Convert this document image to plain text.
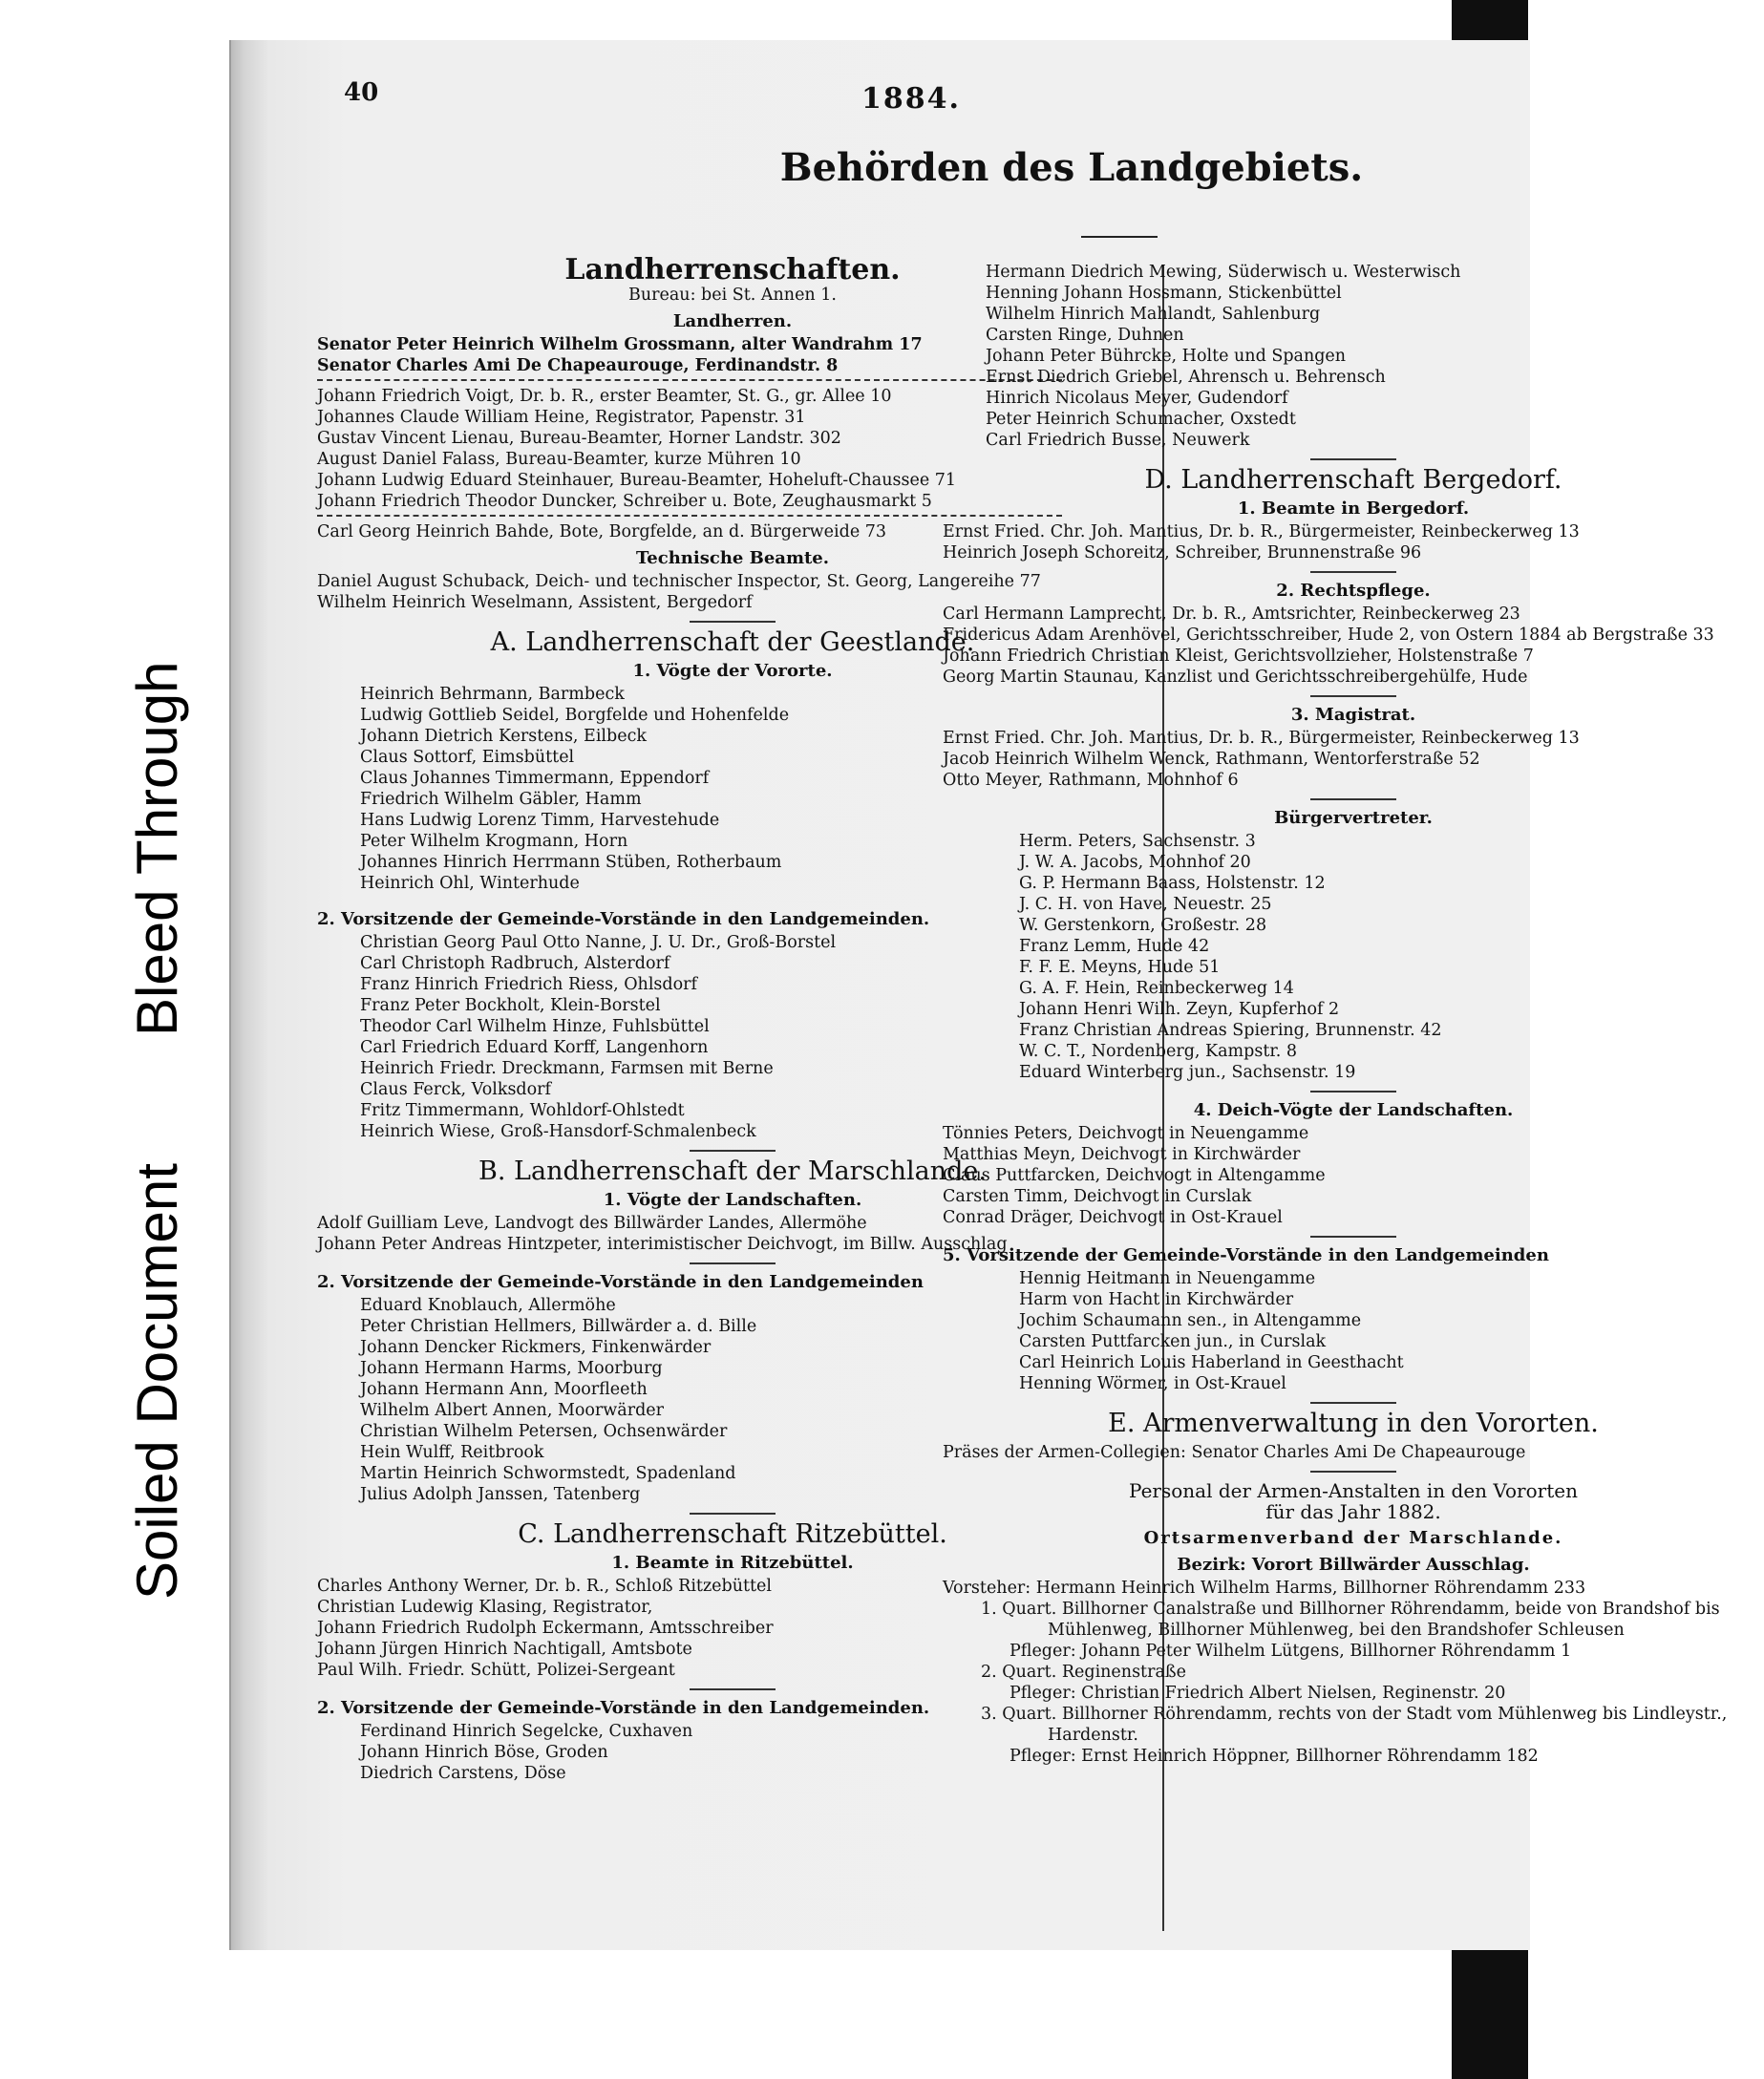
Bleed Through
Soiled Document
40	1884.
Behörden des Landgebiets.
Landherrenschaften.
Bureau: bei St. Annen 1.
Landherren.
Senator Peter Heinrich Wilhelm Grossmann, alter Wandrahm 17
Senator Charles Ami De Chapeaurouge, Ferdinandstr. 8
Johann Friedrich Voigt, Dr. b. R., erster Beamter, St. G., gr. Allee 10
Johannes Claude William Heine, Registrator, Papenstr. 31
Gustav Vincent Lienau, Bureau-Beamter, Horner Landstr. 302
August Daniel Falass, Bureau-Beamter, kurze Mühren 10
Johann Ludwig Eduard Steinhauer, Bureau-Beamter, Hoheluft-Chaussee 71
Johann Friedrich Theodor Duncker, Schreiber u. Bote, Zeughausmarkt 5
Carl Georg Heinrich Bahde, Bote, Borgfelde, an d. Bürgerweide 73
Technische Beamte.
Daniel August Schuback, Deich- und technischer Inspector, St. Georg, Langereihe 77
Wilhelm Heinrich Weselmann, Assistent, Bergedorf
A. Landherrenschaft der Geestlande.
1. Vögte der Vororte.
Heinrich Behrmann, Barmbeck
Ludwig Gottlieb Seidel, Borgfelde und Hohenfelde
Johann Dietrich Kerstens, Eilbeck
Claus Sottorf, Eimsbüttel
Claus Johannes Timmermann, Eppendorf
Friedrich Wilhelm Gäbler, Hamm
Hans Ludwig Lorenz Timm, Harvestehude
Peter Wilhelm Krogmann, Horn
Johannes Hinrich Herrmann Stüben, Rotherbaum
Heinrich Ohl, Winterhude
2. Vorsitzende der Gemeinde-Vorstände in den Landgemeinden.
Christian Georg Paul Otto Nanne, J. U. Dr., Groß-Borstel
Carl Christoph Radbruch, Alsterdorf
Franz Hinrich Friedrich Riess, Ohlsdorf
Franz Peter Bockholt, Klein-Borstel
Theodor Carl Wilhelm Hinze, Fuhlsbüttel
Carl Friedrich Eduard Korff, Langenhorn
Heinrich Friedr. Dreckmann, Farmsen mit Berne
Claus Ferck, Volksdorf
Fritz Timmermann, Wohldorf-Ohlstedt
Heinrich Wiese, Groß-Hansdorf-Schmalenbeck
B. Landherrenschaft der Marschlande.
1. Vögte der Landschaften.
Adolf Guilliam Leve, Landvogt des Billwärder Landes, Allermöhe
Johann Peter Andreas Hintzpeter, interimistischer Deichvogt, im Billw. Ausschlag
2. Vorsitzende der Gemeinde-Vorstände in den Landgemeinden
Eduard Knoblauch, Allermöhe
Peter Christian Hellmers, Billwärder a. d. Bille
Johann Dencker Rickmers, Finkenwärder
Johann Hermann Harms, Moorburg
Johann Hermann Ann, Moorfleeth
Wilhelm Albert Annen, Moorwärder
Christian Wilhelm Petersen, Ochsenwärder
Hein Wulff, Reitbrook
Martin Heinrich Schwormstedt, Spadenland
Julius Adolph Janssen, Tatenberg
C. Landherrenschaft Ritzebüttel.
1. Beamte in Ritzebüttel.
Charles Anthony Werner, Dr. b. R., Schloß Ritzebüttel
Christian Ludewig Klasing, Registrator,
Johann Friedrich Rudolph Eckermann, Amtsschreiber
Johann Jürgen Hinrich Nachtigall, Amtsbote
Paul Wilh. Friedr. Schütt, Polizei-Sergeant
2. Vorsitzende der Gemeinde-Vorstände in den Landgemeinden.
Ferdinand Hinrich Segelcke, Cuxhaven
Johann Hinrich Böse, Groden
Diedrich Carstens, Döse
Hermann Diedrich Mewing, Süderwisch u. Westerwisch
Henning Johann Hossmann, Stickenbüttel
Wilhelm Hinrich Mahlandt, Sahlenburg
Carsten Ringe, Duhnen
Johann Peter Bührcke, Holte und Spangen
Ernst Diedrich Griebel, Ahrensch u. Behrensch
Hinrich Nicolaus Meyer, Gudendorf
Peter Heinrich Schumacher, Oxstedt
Carl Friedrich Busse, Neuwerk
D. Landherrenschaft Bergedorf.
1. Beamte in Bergedorf.
Ernst Fried. Chr. Joh. Mantius, Dr. b. R., Bürgermeister, Reinbeckerweg 13
Heinrich Joseph Schoreitz, Schreiber, Brunnenstraße 96
2. Rechtspflege.
Carl Hermann Lamprecht, Dr. b. R., Amtsrichter, Reinbeckerweg 23
Fridericus Adam Arenhövel, Gerichtsschreiber, Hude 2, von Ostern 1884 ab Bergstraße 33
Johann Friedrich Christian Kleist, Gerichtsvollzieher, Holstenstraße 7
Georg Martin Staunau, Kanzlist und Gerichtsschreibergehülfe, Hude
3. Magistrat.
Ernst Fried. Chr. Joh. Mantius, Dr. b. R., Bürgermeister, Reinbeckerweg 13
Jacob Heinrich Wilhelm Wenck, Rathmann, Wentorferstraße 52
Otto Meyer, Rathmann, Mohnhof 6
Bürgervertreter.
Herm. Peters, Sachsenstr. 3
J. W. A. Jacobs, Mohnhof 20
G. P. Hermann Baass, Holstenstr. 12
J. C. H. von Have, Neuestr. 25
W. Gerstenkorn, Großestr. 28
Franz Lemm, Hude 42
F. F. E. Meyns, Hude 51
G. A. F. Hein, Reinbeckerweg 14
Johann Henri Wilh. Zeyn, Kupferhof 2
Franz Christian Andreas Spiering, Brunnenstr. 42
W. C. T., Nordenberg, Kampstr. 8
Eduard Winterberg jun., Sachsenstr. 19
4. Deich-Vögte der Landschaften.
Tönnies Peters, Deichvogt in Neuengamme
Matthias Meyn, Deichvogt in Kirchwärder
Claus Puttfarcken, Deichvogt in Altengamme
Carsten Timm, Deichvogt in Curslak
Conrad Dräger, Deichvogt in Ost-Krauel
5. Vorsitzende der Gemeinde-Vorstände in den Landgemeinden
Hennig Heitmann in Neuengamme
Harm von Hacht in Kirchwärder
Jochim Schaumann sen., in Altengamme
Carsten Puttfarcken jun., in Curslak
Carl Heinrich Louis Haberland in Geesthacht
Henning Wörmer, in Ost-Krauel
E. Armenverwaltung in den Vororten.
Präses der Armen-Collegien: Senator Charles Ami De Chapeaurouge
Personal der Armen-Anstalten in den Vororten
für das Jahr 1882.
Ortsarmenverband der Marschlande.
Bezirk: Vorort Billwärder Ausschlag.
Vorsteher: Hermann Heinrich Wilhelm Harms, Billhorner Röhrendamm 233
1. Quart. Billhorner Canalstraße und Billhorner Röhrendamm, beide von Brandshof bis Mühlenweg, Billhorner Mühlenweg, bei den Brandshofer Schleusen
Pfleger: Johann Peter Wilhelm Lütgens, Billhorner Röhrendamm 1
2. Quart. Reginenstraße
Pfleger: Christian Friedrich Albert Nielsen, Reginenstr. 20
3. Quart. Billhorner Röhrendamm, rechts von der Stadt vom Mühlenweg bis Lindleystr., Hardenstr.
Pfleger: Ernst Heinrich Höppner, Billhorner Röhrendamm 182
